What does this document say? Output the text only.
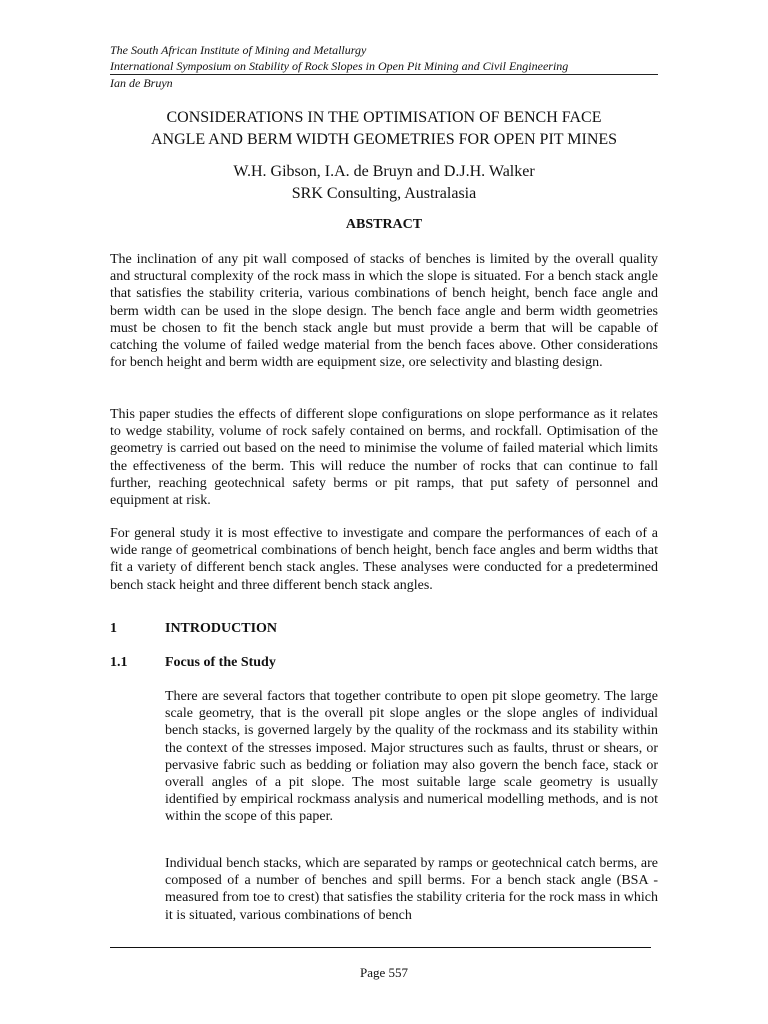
The South African Institute of Mining and Metallurgy
International Symposium on Stability of Rock Slopes in Open Pit Mining and Civil Engineering
Ian de Bruyn
CONSIDERATIONS IN THE OPTIMISATION OF BENCH FACE
ANGLE AND BERM WIDTH GEOMETRIES FOR OPEN PIT MINES
W.H. Gibson, I.A. de Bruyn and D.J.H. Walker
SRK Consulting, Australasia
ABSTRACT
The inclination of any pit wall composed of stacks of benches is limited by the overall quality and structural complexity of the rock mass in which the slope is situated. For a bench stack angle that satisfies the stability criteria, various combinations of bench height, bench face angle and berm width can be used in the slope design. The bench face angle and berm width geometries must be chosen to fit the bench stack angle but must provide a berm that will be capable of catching the volume of failed wedge material from the bench faces above. Other considerations for bench height and berm width are equipment size, ore selectivity and blasting design.
This paper studies the effects of different slope configurations on slope performance as it relates to wedge stability, volume of rock safely contained on berms, and rockfall. Optimisation of the geometry is carried out based on the need to minimise the volume of failed material which limits the effectiveness of the berm. This will reduce the number of rocks that can continue to fall further, reaching geotechnical safety berms or pit ramps, that put safety of personnel and equipment at risk.
For general study it is most effective to investigate and compare the performances of each of a wide range of geometrical combinations of bench height, bench face angles and berm widths that fit a variety of different bench stack angles. These analyses were conducted for a predetermined bench stack height and three different bench stack angles.
1	INTRODUCTION
1.1	Focus of the Study
There are several factors that together contribute to open pit slope geometry. The large scale geometry, that is the overall pit slope angles or the slope angles of individual bench stacks, is governed largely by the quality of the rockmass and its stability within the context of the stresses imposed. Major structures such as faults, thrust or shears, or pervasive fabric such as bedding or foliation may also govern the bench face, stack or overall angles of a pit slope. The most suitable large scale geometry is usually identified by empirical rockmass analysis and numerical modelling methods, and is not within the scope of this paper.
Individual bench stacks, which are separated by ramps or geotechnical catch berms, are composed of a number of benches and spill berms. For a bench stack angle (BSA - measured from toe to crest) that satisfies the stability criteria for the rock mass in which it is situated, various combinations of bench
Page 557
